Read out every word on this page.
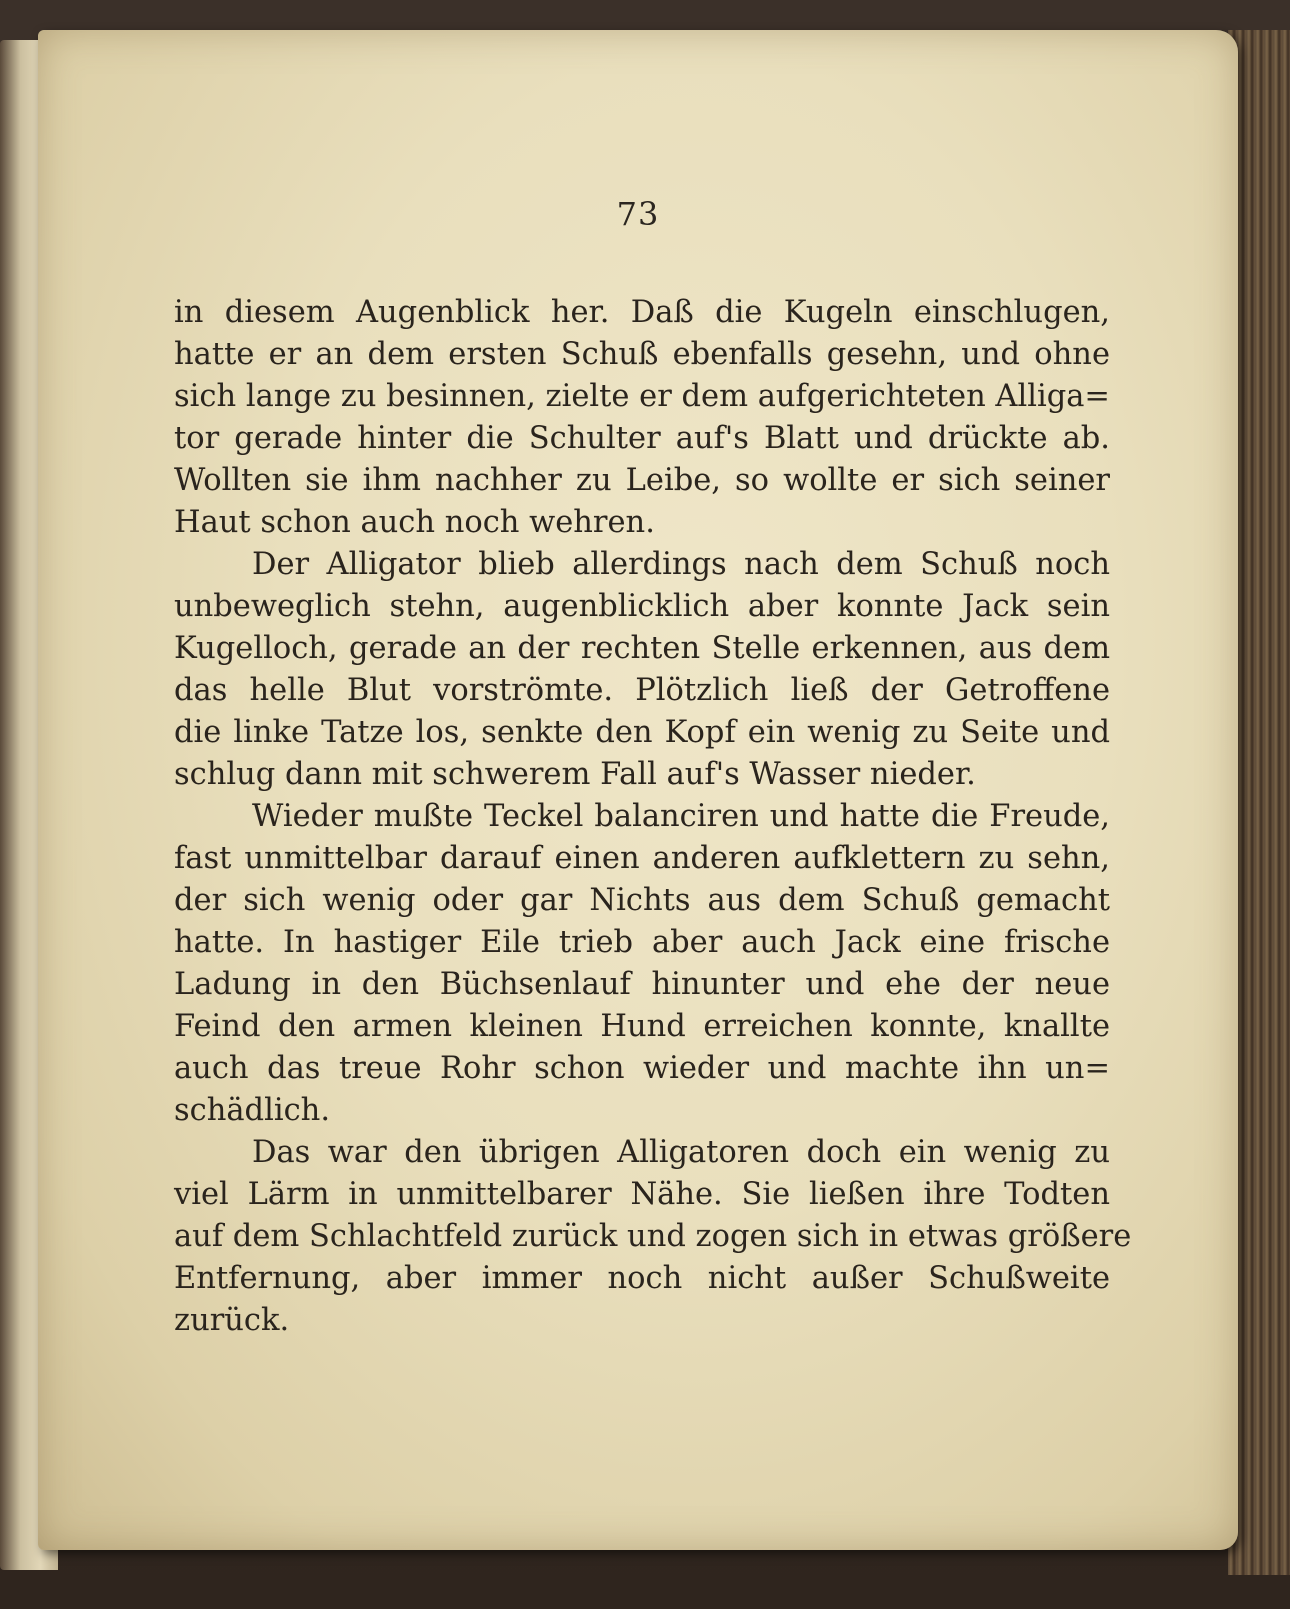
73
in diesem Augenblick her. Daß die Kugeln einschlugen,
hatte er an dem ersten Schuß ebenfalls gesehn, und ohne
sich lange zu besinnen, zielte er dem aufgerichteten Alliga=
tor gerade hinter die Schulter auf's Blatt und drückte ab.
Wollten sie ihm nachher zu Leibe, so wollte er sich seiner
Haut schon auch noch wehren.
Der Alligator blieb allerdings nach dem Schuß noch
unbeweglich stehn, augenblicklich aber konnte Jack sein
Kugelloch, gerade an der rechten Stelle erkennen, aus dem
das helle Blut vorströmte. Plötzlich ließ der Getroffene
die linke Tatze los, senkte den Kopf ein wenig zu Seite und
schlug dann mit schwerem Fall auf's Wasser nieder.
Wieder mußte Teckel balanciren und hatte die Freude,
fast unmittelbar darauf einen anderen aufklettern zu sehn,
der sich wenig oder gar Nichts aus dem Schuß gemacht
hatte. In hastiger Eile trieb aber auch Jack eine frische
Ladung in den Büchsenlauf hinunter und ehe der neue
Feind den armen kleinen Hund erreichen konnte, knallte
auch das treue Rohr schon wieder und machte ihn un=
schädlich.
Das war den übrigen Alligatoren doch ein wenig zu
viel Lärm in unmittelbarer Nähe. Sie ließen ihre Todten
auf dem Schlachtfeld zurück und zogen sich in etwas größere
Entfernung, aber immer noch nicht außer Schußweite
zurück.
